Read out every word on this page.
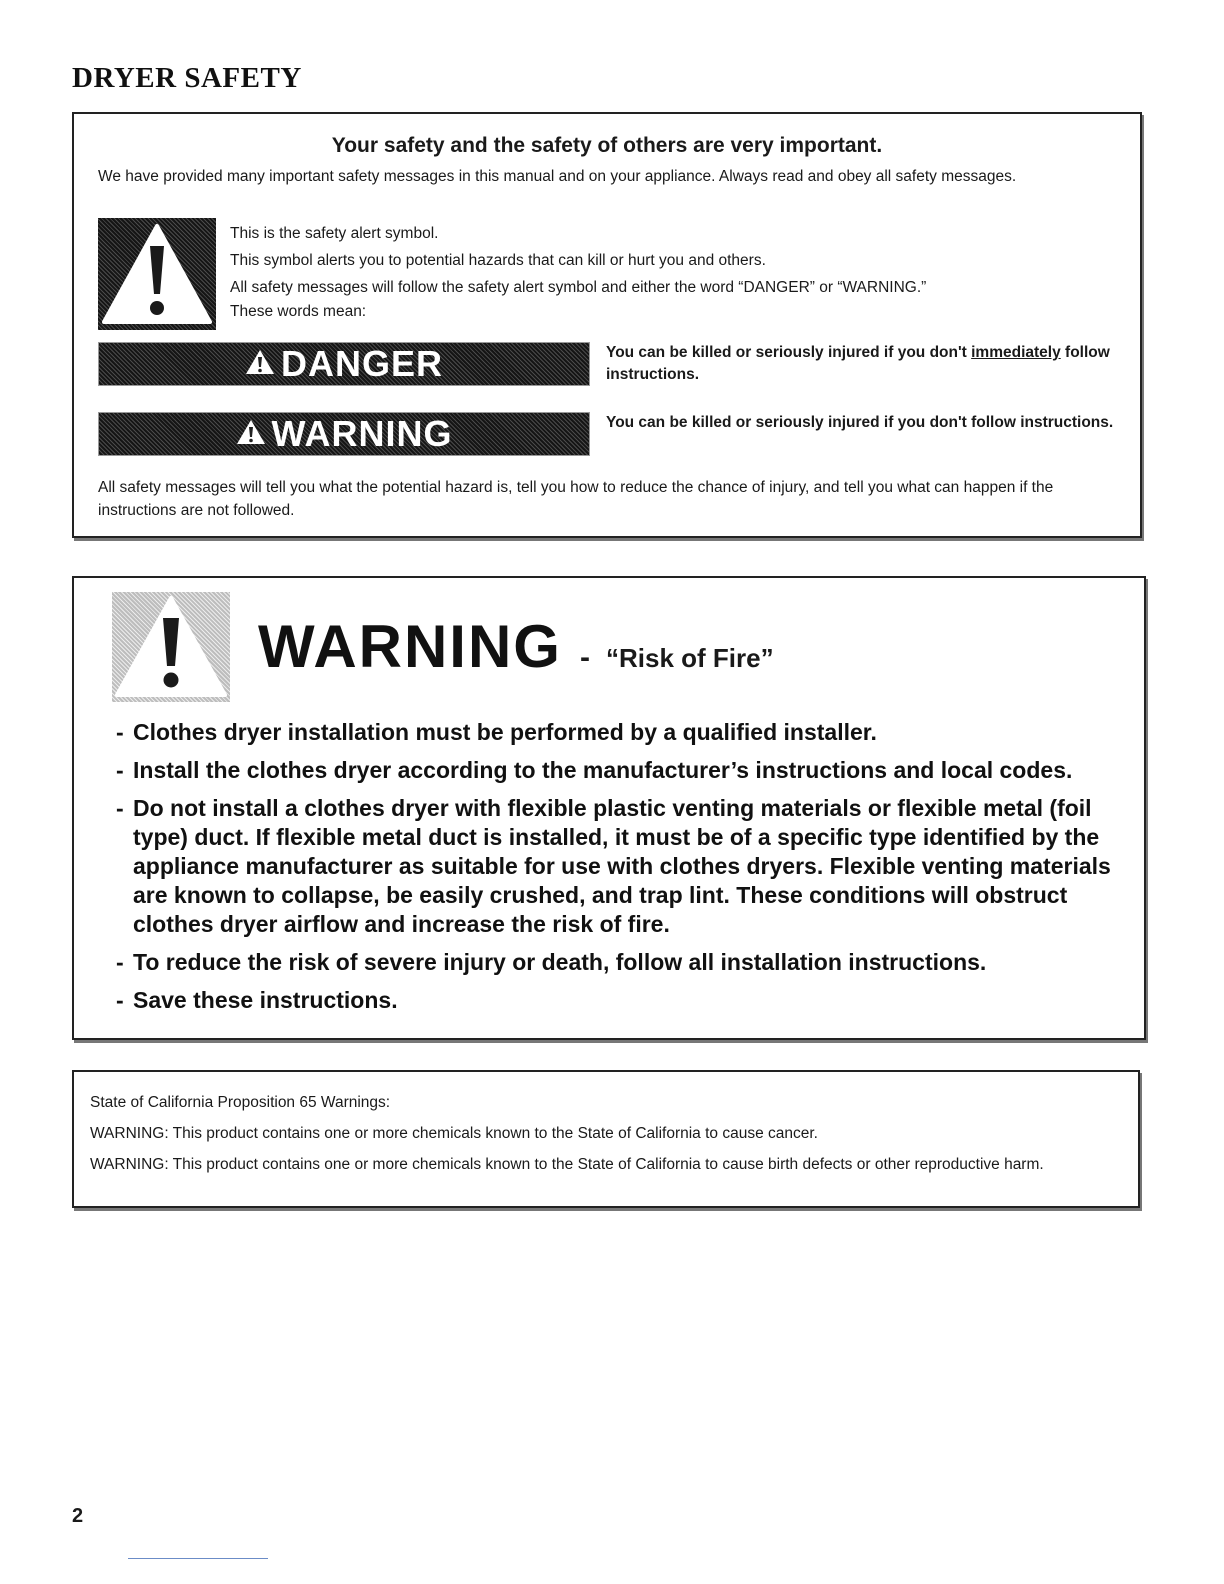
DRYER SAFETY

Your safety and the safety of others are very important.

We have provided many important safety messages in this manual and on your appliance. Always read and obey all safety messages.

This is the safety alert symbol.
This symbol alerts you to potential hazards that can kill or hurt you and others.
All safety messages will follow the safety alert symbol and either the word “DANGER” or “WARNING.”
These words mean:
DANGER	You can be killed or seriously injured if you don't immediately follow instructions.
WARNING	You can be killed or seriously injured if you don't follow instructions.

All safety messages will tell you what the potential hazard is, tell you how to reduce the chance of injury, and tell you what can happen if the instructions are not followed.

WARNING - “Risk of Fire”
- Clothes dryer installation must be performed by a qualified installer.
- Install the clothes dryer according to the manufacturer’s instructions and local codes.
- Do not install a clothes dryer with flexible plastic venting materials or flexible metal (foil type) duct. If flexible metal duct is installed, it must be of a specific type identified by the appliance manufacturer as suitable for use with clothes dryers. Flexible venting materials are known to collapse, be easily crushed, and trap lint. These conditions will obstruct clothes dryer airflow and increase the risk of fire.
- To reduce the risk of severe injury or death, follow all installation instructions.
- Save these instructions.
State of California Proposition 65 Warnings:
WARNING: This product contains one or more chemicals known to the State of California to cause cancer.
WARNING: This product contains one or more chemicals known to the State of California to cause birth defects or other reproductive harm.
2
